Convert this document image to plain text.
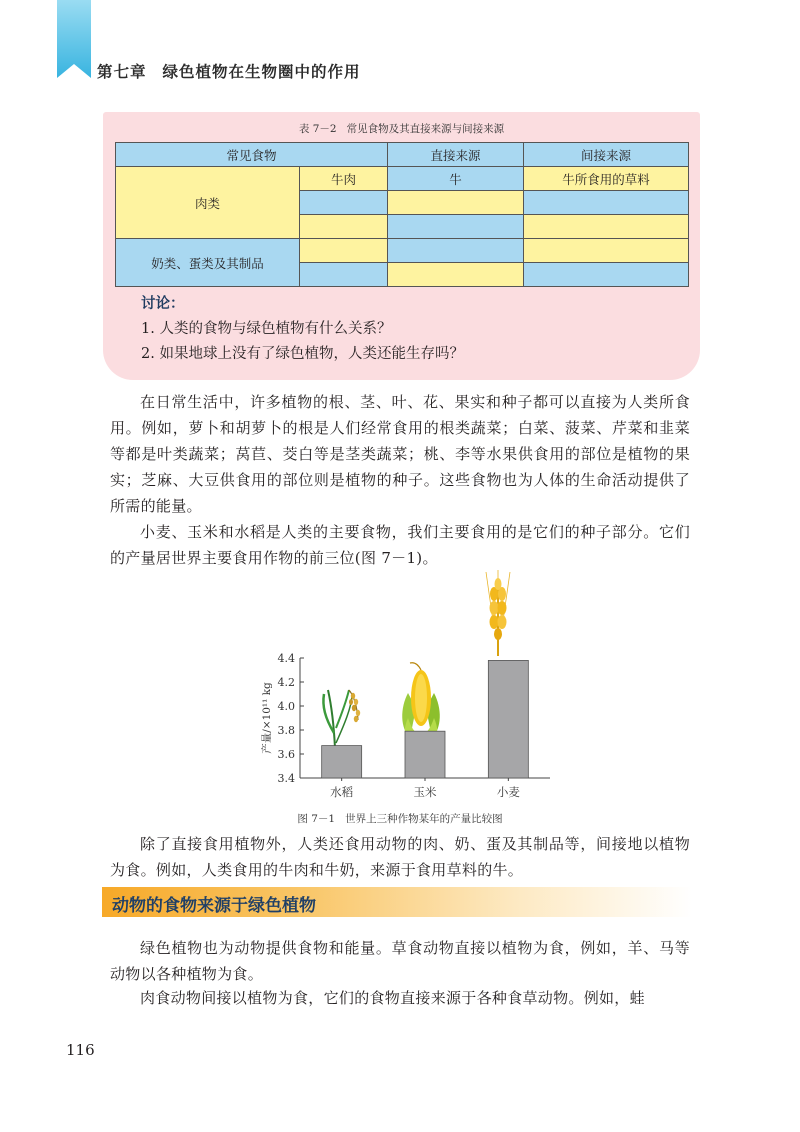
第七章 绿色植物在生物圈中的作用
表 7－2 常见食物及其直接来源与间接来源
常见食物		直接来源	间接来源
肉类	牛肉	牛	牛所食用的草料

奶类、蛋类及其制品			

讨论：
1. 人类的食物与绿色植物有什么关系？
2. 如果地球上没有了绿色植物，人类还能生存吗？

在日常生活中，许多植物的根、茎、叶、花、果实和种子都可以直接为人类所食用。例如，萝卜和胡萝卜的根是人们经常食用的根类蔬菜；白菜、菠菜、芹菜和韭菜等都是叶类蔬菜；莴苣、茭白等是茎类蔬菜；桃、李等水果供食用的部位是植物的果实；芝麻、大豆供食用的部位则是植物的种子。这些食物也为人体的生命活动提供了所需的能量。

小麦、玉米和水稻是人类的主要食物，我们主要食用的是它们的种子部分。它们的产量居世界主要食用作物的前三位(图 7－1)。

3.4
3.6
3.8
4.0
4.2
4.4
产量/×10¹¹ kg
水稻	玉米	小麦
图 7－1 世界上三种作物某年的产量比较图

除了直接食用植物外，人类还食用动物的肉、奶、蛋及其制品等，间接地以植物为食。例如，人类食用的牛肉和牛奶，来源于食用草料的牛。

动物的食物来源于绿色植物

绿色植物也为动物提供食物和能量。草食动物直接以植物为食，例如，羊、马等动物以各种植物为食。

肉食动物间接以植物为食，它们的食物直接来源于各种食草动物。例如，蛙

116
